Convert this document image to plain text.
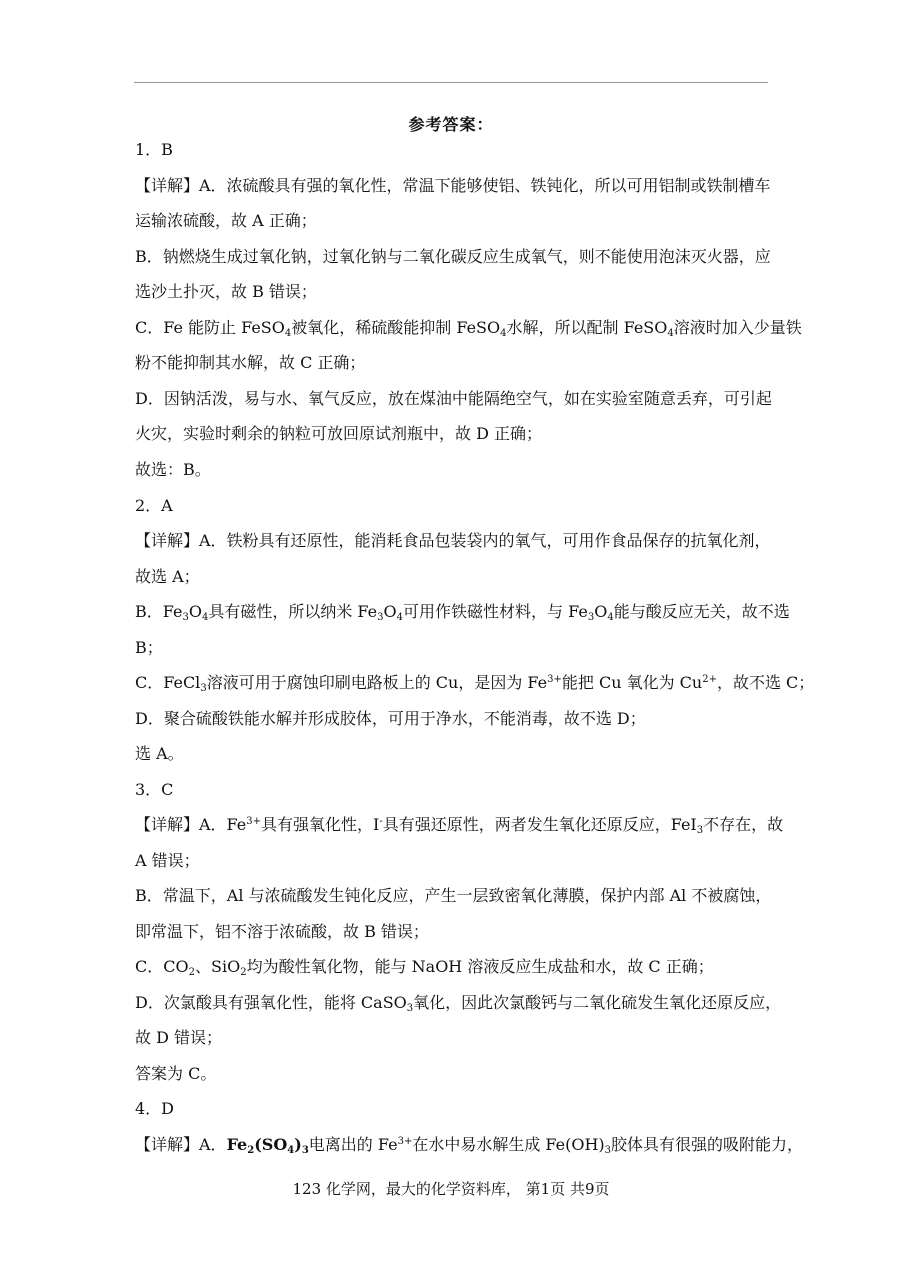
参考答案：
1．B
【详解】A．浓硫酸具有强的氧化性，常温下能够使铝、铁钝化，所以可用铝制或铁制槽车
运输浓硫酸，故 A 正确；
B．钠燃烧生成过氧化钠，过氧化钠与二氧化碳反应生成氧气，则不能使用泡沫灭火器，应
选沙土扑灭，故 B 错误；
C．Fe 能防止 FeSO$_4$被氧化，稀硫酸能抑制 FeSO$_4$水解，所以配制 FeSO$_4$溶液时加入少量铁
粉不能抑制其水解，故 C 正确；
D．因钠活泼，易与水、氧气反应，放在煤油中能隔绝空气，如在实验室随意丢弃，可引起
火灾，实验时剩余的钠粒可放回原试剂瓶中，故 D 正确；
故选：B。
2．A
【详解】A．铁粉具有还原性，能消耗食品包装袋内的氧气，可用作食品保存的抗氧化剂，
故选 A；
B．$Fe_3O_4$具有磁性，所以纳米 $Fe_3O_4$可用作铁磁性材料，与 $Fe_3O_4$能与酸反应无关，故不选
B；
C．FeCl$_3$溶液可用于腐蚀印刷电路板上的 Cu，是因为 $Fe^{3+}$能把 Cu 氧化为 $Cu^{2+}$，故不选 C；
D．聚合硫酸铁能水解并形成胶体，可用于净水，不能消毒，故不选 D；
选 A。
3．C
【详解】A．$Fe^{3+}$具有强氧化性，I-具有强还原性，两者发生氧化还原反应，FeI$_3$不存在，故
A 错误；
B．常温下，Al 与浓硫酸发生钝化反应，产生一层致密氧化薄膜，保护内部 Al 不被腐蚀，
即常温下，铝不溶于浓硫酸，故 B 错误；
C．$CO_2$、SiO$_2$均为酸性氧化物，能与 NaOH 溶液反应生成盐和水，故 C 正确；
D．次氯酸具有强氧化性，能将 CaSO$_3$氧化，因此次氯酸钙与二氧化硫发生氧化还原反应，
故 D 错误；
答案为 C。
4．D
【详解】A．$Fe_2(SO_4)_3$电离出的 $Fe^{3+}$在水中易水解生成 $Fe(OH)_3$胶体具有很强的吸附能力，
123 化学网，最大的化学资料库， 第1页 共9页
